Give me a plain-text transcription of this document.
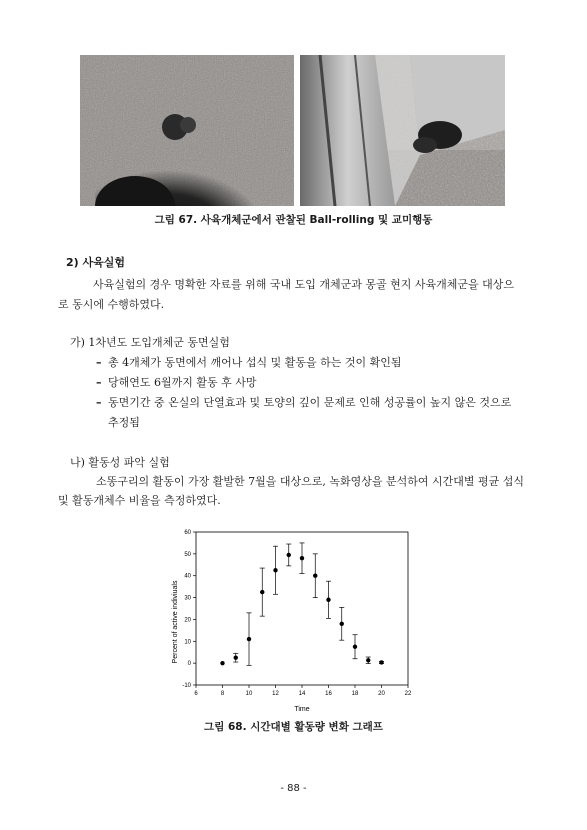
그림 67. 사육개체군에서 관찰된 Ball-rolling 및 교미행동
2) 사육실험
사육실험의 경우 명확한 자료를 위해 국내 도입 개체군과 몽골 현지 사육개체군을 대상으
로 동시에 수행하였다.
가) 1차년도 도입개체군 동면실험
– 총 4개체가 동면에서 깨어나 섭식 및 활동을 하는 것이 확인됨
– 당해연도 6월까지 활동 후 사망
– 동면기간 중 온실의 단열효과 및 토양의 깊이 문제로 인해 성공률이 높지 않은 것으로
추정됨
나) 활동성 파악 실험
소똥구리의 활동이 가장 활발한 7월을 대상으로, 녹화영상을 분석하여 시간대별 평균 섭식
및 활동개체수 비율을 측정하였다.
6	8	10	12	14	16	18	20	22
-10
0
10
20
30
40
50
60
Percent of active indiviuals
Time
그림 68. 시간대별 활동량 변화 그래프
- 88 -
